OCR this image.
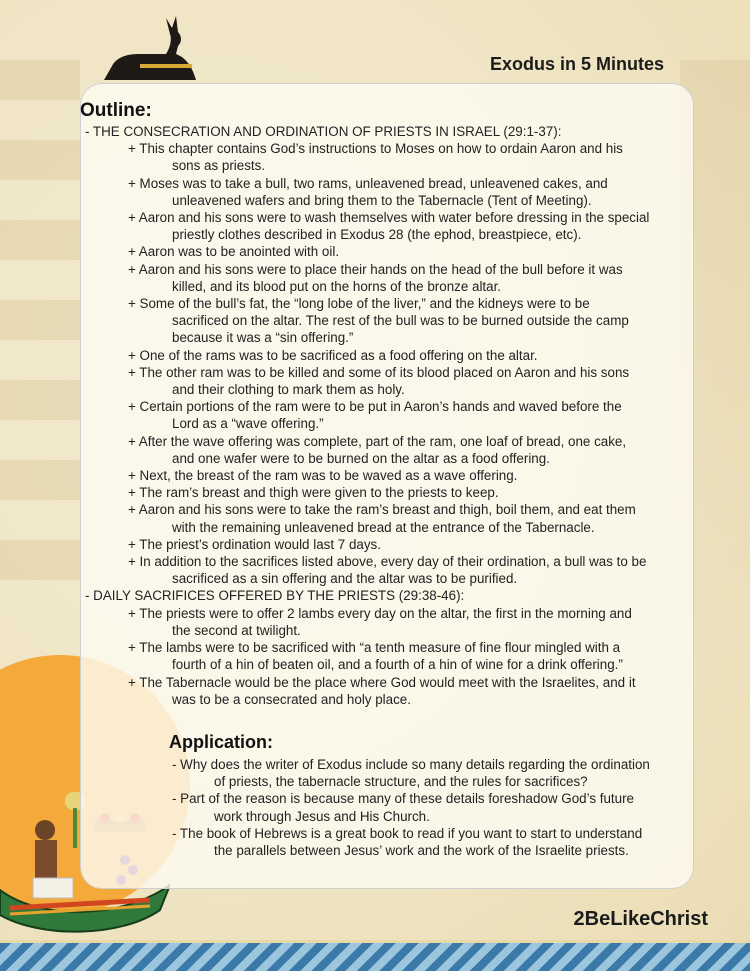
Exodus in 5 Minutes
Outline:
- THE CONSECRATION AND ORDINATION OF PRIESTS IN ISRAEL (29:1-37):
+ This chapter contains God’s instructions to Moses on how to ordain Aaron and his
sons as priests.
+ Moses was to take a bull, two rams, unleavened bread, unleavened cakes, and
unleavened wafers and bring them to the Tabernacle (Tent of Meeting).
+ Aaron and his sons were to wash themselves with water before dressing in the special
priestly clothes described in Exodus 28 (the ephod, breastpiece, etc).
+ Aaron was to be anointed with oil.
+ Aaron and his sons were to place their hands on the head of the bull before it was
killed, and its blood put on the horns of the bronze altar.
+ Some of the bull’s fat, the “long lobe of the liver,” and the kidneys were to be
sacrificed on the altar. The rest of the bull was to be burned outside the camp
because it was a “sin offering.”
+ One of the rams was to be sacrificed as a food offering on the altar.
+ The other ram was to be killed and some of its blood placed on Aaron and his sons
and their clothing to mark them as holy.
+ Certain portions of the ram were to be put in Aaron’s hands and waved before the
Lord as a “wave offering.”
+ After the wave offering was complete, part of the ram, one loaf of bread, one cake,
and one wafer were to be burned on the altar as a food offering.
+ Next, the breast of the ram was to be waved as a wave offering.
+ The ram’s breast and thigh were given to the priests to keep.
+ Aaron and his sons were to take the ram’s breast and thigh, boil them, and eat them
with the remaining unleavened bread at the entrance of the Tabernacle.
+ The priest’s ordination would last 7 days.
+ In addition to the sacrifices listed above, every day of their ordination, a bull was to be
sacrificed as a sin offering and the altar was to be purified.
- DAILY SACRIFICES OFFERED BY THE PRIESTS (29:38-46):
+ The priests were to offer 2 lambs every day on the altar, the first in the morning and
the second at twilight.
+ The lambs were to be sacrificed with “a tenth measure of fine flour mingled with a
fourth of a hin of beaten oil, and a fourth of a hin of wine for a drink offering.”
+ The Tabernacle would be the place where God would meet with the Israelites, and it
was to be a consecrated and holy place.
Application:
- Why does the writer of Exodus include so many details regarding the ordination
of priests, the tabernacle structure, and the rules for sacrifices?
- Part of the reason is because many of these details foreshadow God’s future
work through Jesus and His Church.
- The book of Hebrews is a great book to read if you want to start to understand
the parallels between Jesus’ work and the work of the Israelite priests.
2BeLikeChrist
